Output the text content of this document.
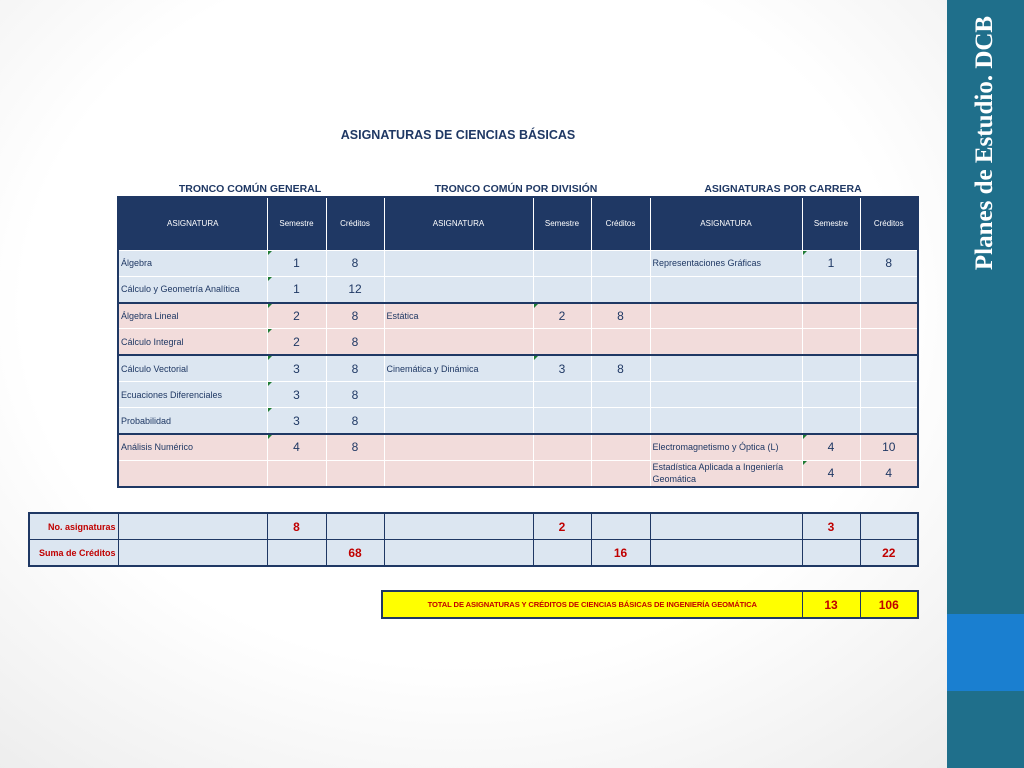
Planes de Estudio. DCB
ASIGNATURAS DE CIENCIAS BÁSICAS
TRONCO COMÚN GENERAL	TRONCO COMÚN POR DIVISIÓN	ASIGNATURAS POR CARRERA
ASIGNATURA	Semestre	Créditos	ASIGNATURA	Semestre	Créditos	ASIGNATURA	Semestre	Créditos
Álgebra	1	8				Representaciones Gráficas	1	8
Cálculo y Geometría Analítica	1	12						
Álgebra Lineal	2	8	Estática	2	8			
Cálculo Integral	2	8						
Cálculo Vectorial	3	8	Cinemática y Dinámica	3	8			
Ecuaciones Diferenciales	3	8						
Probabilidad	3	8						
Análisis Numérico	4	8				Electromagnetismo y Óptica (L)	4	10
						Estadística Aplicada a Ingeniería Geomática	4	4
No. asignaturas		8			2			3	
Suma de Créditos			68			16			22
TOTAL DE ASIGNATURAS Y CRÉDITOS DE CIENCIAS BÁSICAS DE INGENIERÍA GEOMÁTICA	13	106
